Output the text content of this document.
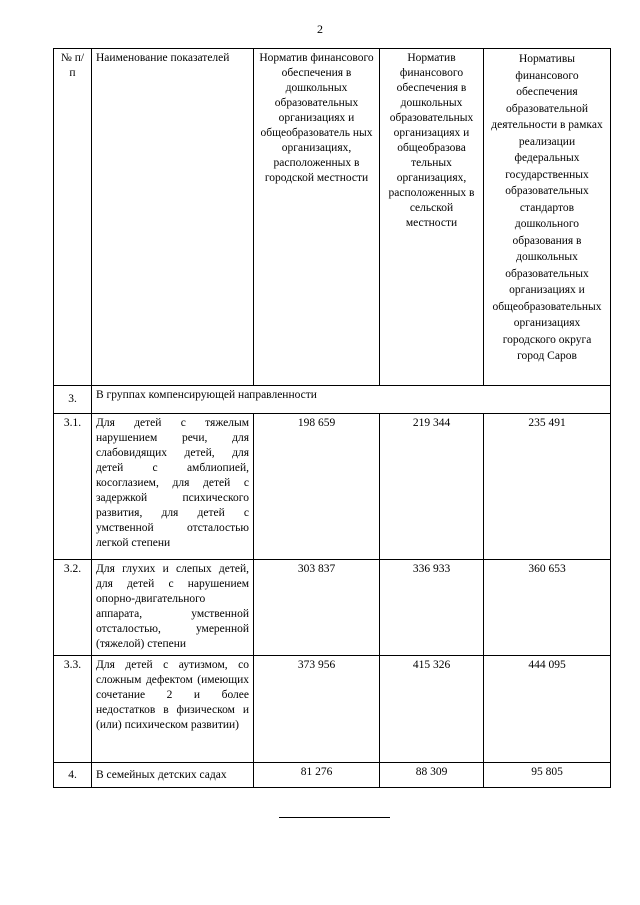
2
№ п/п	Наименование показателей	Норматив финансового обеспечения в дошкольных образовательных организациях и общеобразователь ных организациях, расположенных в городской местности	Норматив финансового обеспечения в дошкольных образовательных организациях и общеобразова тельных организациях, расположенных в сельской местности	Нормативы финансового обеспечения образовательной деятельности в рамках реализации федеральных государственных образовательных стандартов дошкольного образования в дошкольных образовательных организациях и общеобразовательных организациях городского округа город Саров
3.	В группах компенсирующей направленности			
3.1.	Для детей с тяжелым нарушением речи, для слабовидящих детей, для детей с амблиопией, косоглазием, для детей с задержкой психического развития, для детей с умственной отсталостью легкой степени	198 659	219 344	235 491
3.2.	Для глухих и слепых детей, для детей с нарушением опорно-двигательного аппарата, умственной отсталостью, умеренной (тяжелой) степени	303 837	336 933	360 653
3.3.	Для детей с аутизмом, со сложным дефектом (имеющих сочетание 2 и более недостатков в физическом и (или) психическом развитии)	373 956	415 326	444 095
4.	В семейных детских садах	81 276	88 309	95 805
